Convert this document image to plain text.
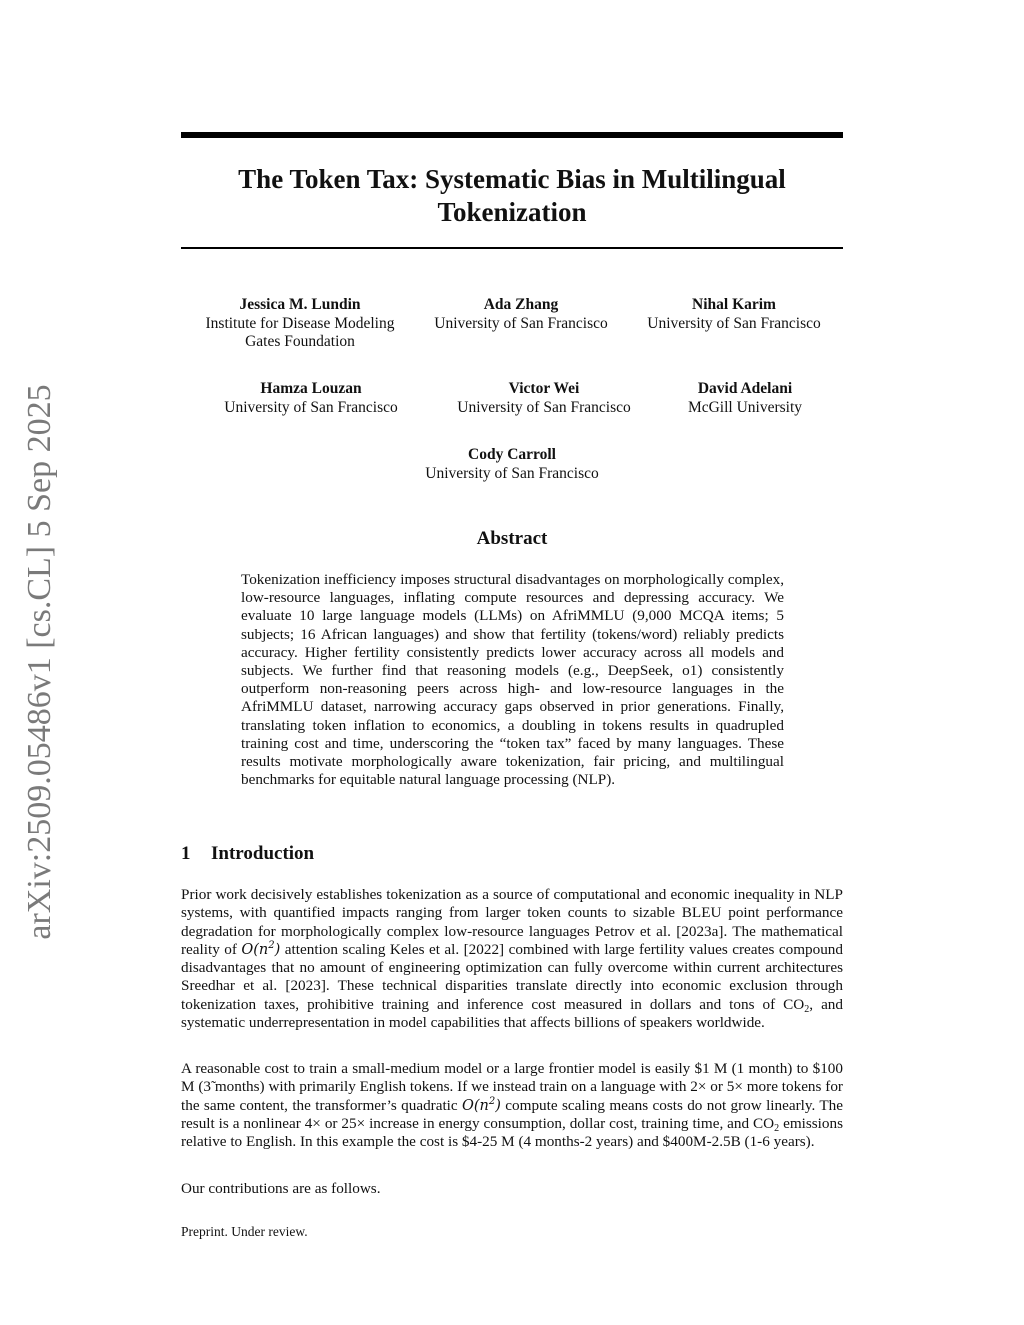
arXiv:2509.05486v1 [cs.CL] 5 Sep 2025
The Token Tax: Systematic Bias in Multilingual Tokenization
Jessica M. Lundin
Institute for Disease Modeling
Gates Foundation
Ada Zhang
University of San Francisco
Nihal Karim
University of San Francisco
Hamza Louzan
University of San Francisco
Victor Wei
University of San Francisco
David Adelani
McGill University
Cody Carroll
University of San Francisco
Abstract

Tokenization inefficiency imposes structural disadvantages on morphologically complex, low-resource languages, inflating compute resources and depressing accuracy. We evaluate 10 large language models (LLMs) on AfriMMLU (9,000 MCQA items; 5 subjects; 16 African languages) and show that fertility (tokens/word) reliably predicts accuracy. Higher fertility consistently predicts lower accuracy across all models and subjects. We further find that reasoning models (e.g., DeepSeek, o1) consistently outperform non-reasoning peers across high- and low-resource languages in the AfriMMLU dataset, narrowing accuracy gaps observed in prior generations. Finally, translating token inflation to economics, a doubling in tokens results in quadrupled training cost and time, underscoring the “token tax” faced by many languages. These results motivate morphologically aware tokenization, fair pricing, and multilingual benchmarks for equitable natural language processing (NLP).

1 Introduction

Prior work decisively establishes tokenization as a source of computational and economic inequality in NLP systems, with quantified impacts ranging from larger token counts to sizable BLEU point performance degradation for morphologically complex low-resource languages Petrov et al. [2023a]. The mathematical reality of $O(n^2)$ attention scaling Keles et al. [2022] combined with large fertility values creates compound disadvantages that no amount of engineering optimization can fully overcome within current architectures Sreedhar et al. [2023]. These technical disparities translate directly into economic exclusion through tokenization taxes, prohibitive training and inference cost measured in dollars and tons of $CO_2$, and systematic underrepresentation in model capabilities that affects billions of speakers worldwide.

A reasonable cost to train a small-medium model or a large frontier model is easily $1 M (1 month) to $100 M (3̃ months) with primarily English tokens. If we instead train on a language with 2× or 5× more tokens for the same content, the transformer’s quadratic $O(n^2)$ compute scaling means costs do not grow linearly. The result is a nonlinear 4× or 25× increase in energy consumption, dollar cost, training time, and $CO_2$ emissions relative to English. In this example the cost is $4-25 M (4 months-2 years) and $400M-2.5B (1-6 years).

Our contributions are as follows.

Preprint. Under review.
